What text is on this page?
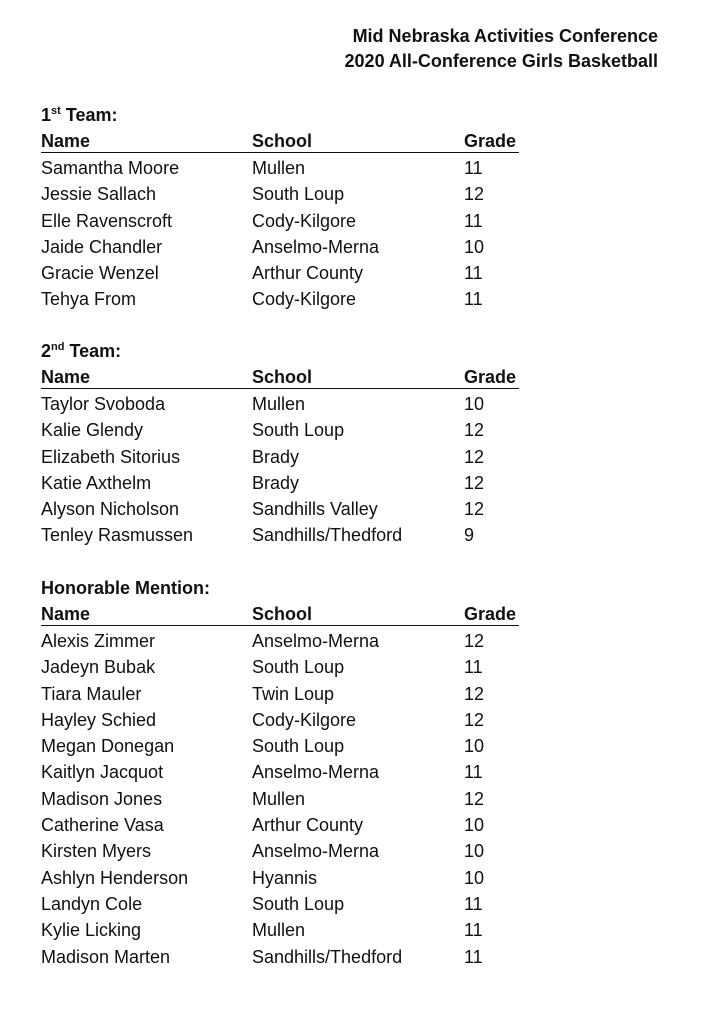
Mid Nebraska Activities Conference
2020 All-Conference Girls Basketball
1st Team:
Name	School	Grade
Samantha Moore	Mullen	11
Jessie Sallach	South Loup	12
Elle Ravenscroft	Cody-Kilgore	11
Jaide Chandler	Anselmo-Merna	10
Gracie Wenzel	Arthur County	11
Tehya From	Cody-Kilgore	11
2nd Team:
Name	School	Grade
Taylor Svoboda	Mullen	10
Kalie Glendy	South Loup	12
Elizabeth Sitorius	Brady	12
Katie Axthelm	Brady	12
Alyson Nicholson	Sandhills Valley	12
Tenley Rasmussen	Sandhills/Thedford	9
Honorable Mention:
Name	School	Grade
Alexis Zimmer	Anselmo-Merna	12
Jadeyn Bubak	South Loup	11
Tiara Mauler	Twin Loup	12
Hayley Schied	Cody-Kilgore	12
Megan Donegan	South Loup	10
Kaitlyn Jacquot	Anselmo-Merna	11
Madison Jones	Mullen	12
Catherine Vasa	Arthur County	10
Kirsten Myers	Anselmo-Merna	10
Ashlyn Henderson	Hyannis	10
Landyn Cole	South Loup	11
Kylie Licking	Mullen	11
Madison Marten	Sandhills/Thedford	11
